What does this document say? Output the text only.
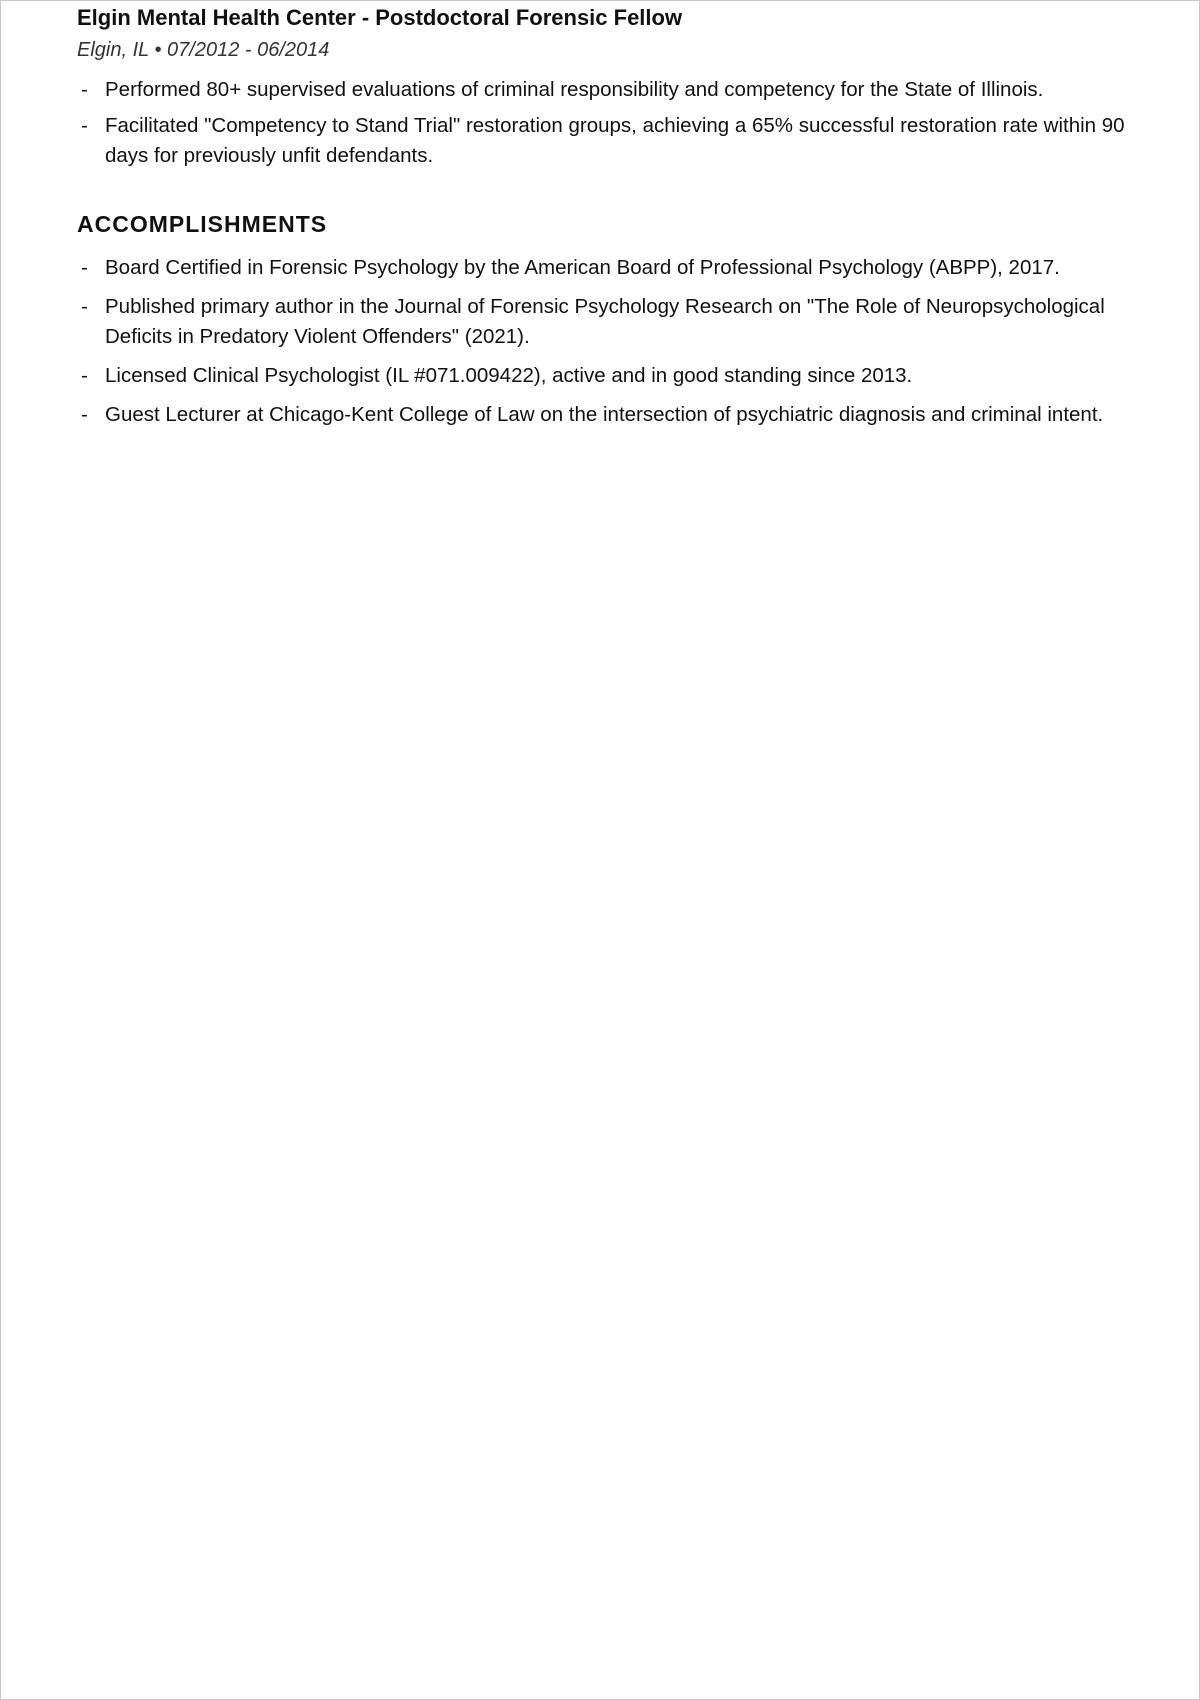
Elgin Mental Health Center - Postdoctoral Forensic Fellow
Elgin, IL • 07/2012 - 06/2014
- Performed 80+ supervised evaluations of criminal responsibility and competency for the State of Illinois.
- Facilitated "Competency to Stand Trial" restoration groups, achieving a 65% successful restoration rate within 90 days for previously unfit defendants.
ACCOMPLISHMENTS
- Board Certified in Forensic Psychology by the American Board of Professional Psychology (ABPP), 2017.
- Published primary author in the Journal of Forensic Psychology Research on "The Role of Neuropsychological Deficits in Predatory Violent Offenders" (2021).
- Licensed Clinical Psychologist (IL #071.009422), active and in good standing since 2013.
- Guest Lecturer at Chicago-Kent College of Law on the intersection of psychiatric diagnosis and criminal intent.
